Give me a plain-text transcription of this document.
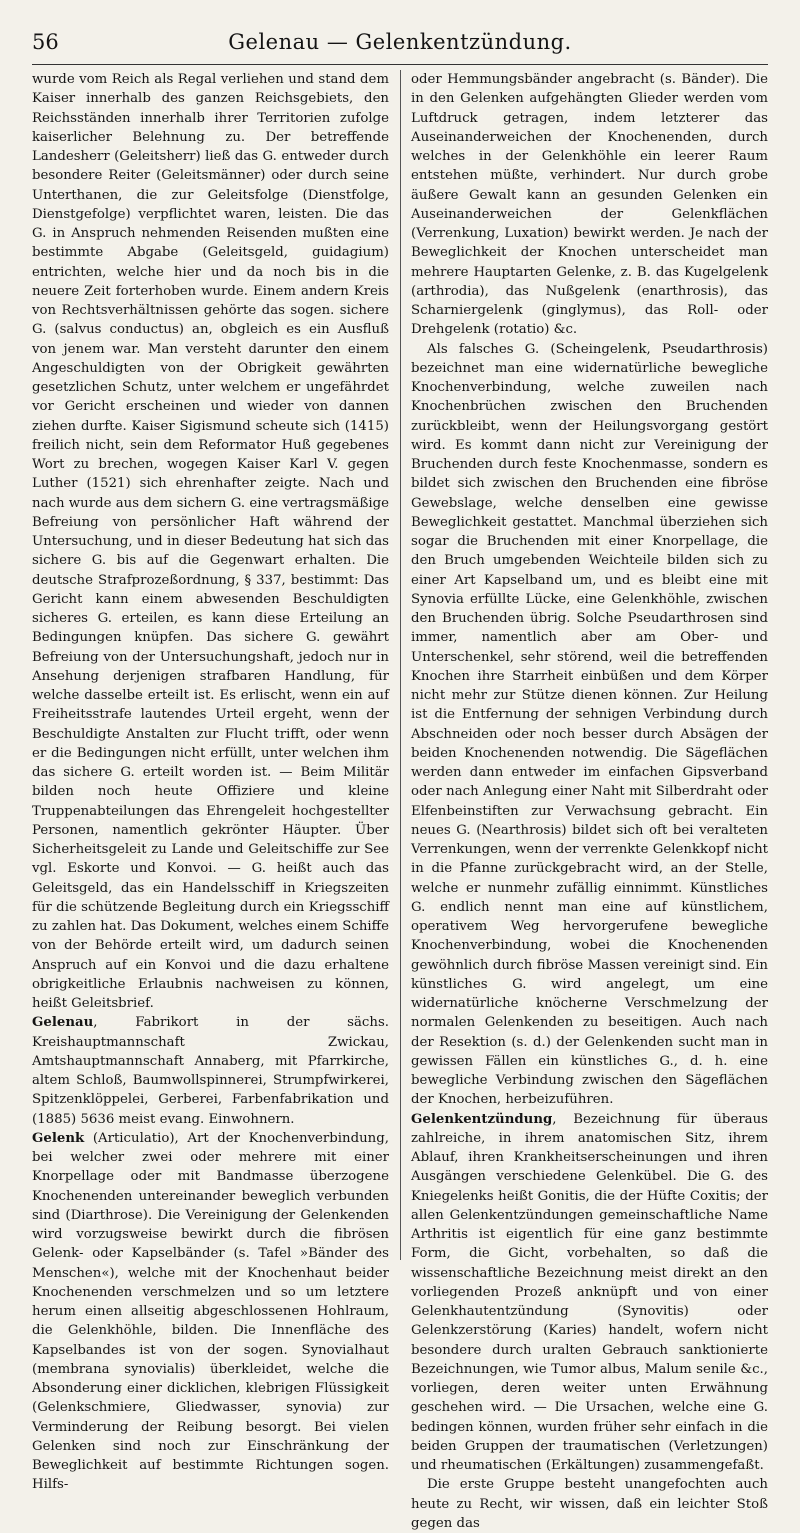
56	Gelenau — Gelenkentzündung.

wurde vom Reich als Regal verliehen und stand dem Kaiser innerhalb des ganzen Reichsgebiets, den Reichsständen innerhalb ihrer Territorien zufolge kaiserlicher Belehnung zu. Der betreffende Landesherr (Geleitsherr) ließ das G. entweder durch besondere Reiter (Geleitsmänner) oder durch seine Unterthanen, die zur Geleitsfolge (Dienstfolge, Dienstgefolge) verpflichtet waren, leisten. Die das G. in Anspruch nehmenden Reisenden mußten eine bestimmte Abgabe (Geleitsgeld, guidagium) entrichten, welche hier und da noch bis in die neuere Zeit forterhoben wurde. Einem andern Kreis von Rechtsverhältnissen gehörte das sogen. sichere G. (salvus conductus) an, obgleich es ein Ausfluß von jenem war. Man versteht darunter den einem Angeschuldigten von der Obrigkeit gewährten gesetzlichen Schutz, unter welchem er ungefährdet vor Gericht erscheinen und wieder von dannen ziehen durfte. Kaiser Sigismund scheute sich (1415) freilich nicht, sein dem Reformator Huß gegebenes Wort zu brechen, wogegen Kaiser Karl V. gegen Luther (1521) sich ehrenhafter zeigte. Nach und nach wurde aus dem sichern G. eine vertragsmäßige Befreiung von persönlicher Haft während der Untersuchung, und in dieser Bedeutung hat sich das sichere G. bis auf die Gegenwart erhalten. Die deutsche Strafprozeßordnung, § 337, bestimmt: Das Gericht kann einem abwesenden Beschuldigten sicheres G. erteilen, es kann diese Erteilung an Bedingungen knüpfen. Das sichere G. gewährt Befreiung von der Untersuchungshaft, jedoch nur in Ansehung derjenigen strafbaren Handlung, für welche dasselbe erteilt ist. Es erlischt, wenn ein auf Freiheitsstrafe lautendes Urteil ergeht, wenn der Beschuldigte Anstalten zur Flucht trifft, oder wenn er die Bedingungen nicht erfüllt, unter welchen ihm das sichere G. erteilt worden ist. — Beim Militär bilden noch heute Offiziere und kleine Truppenabteilungen das Ehrengeleit hochgestellter Personen, namentlich gekrönter Häupter. Über Sicherheitsgeleit zu Lande und Geleitschiffe zur See vgl. Eskorte und Konvoi. — G. heißt auch das Geleitsgeld, das ein Handelsschiff in Kriegszeiten für die schützende Begleitung durch ein Kriegsschiff zu zahlen hat. Das Dokument, welches einem Schiffe von der Behörde erteilt wird, um dadurch seinen Anspruch auf ein Konvoi und die dazu erhaltene obrigkeitliche Erlaubnis nachweisen zu können, heißt Geleitsbrief.

Gelenau, Fabrikort in der sächs. Kreishauptmannschaft Zwickau, Amtshauptmannschaft Annaberg, mit Pfarrkirche, altem Schloß, Baumwollspinnerei, Strumpfwirkerei, Spitzenklöppelei, Gerberei, Farbenfabrikation und (1885) 5636 meist evang. Einwohnern.

Gelenk (Articulatio), Art der Knochenverbindung, bei welcher zwei oder mehrere mit einer Knorpellage oder mit Bandmasse überzogene Knochenenden untereinander beweglich verbunden sind (Diarthrose). Die Vereinigung der Gelenkenden wird vorzugsweise bewirkt durch die fibrösen Gelenk- oder Kapselbänder (s. Tafel »Bänder des Menschen«), welche mit der Knochenhaut beider Knochenenden verschmelzen und so um letztere herum einen allseitig abgeschlossenen Hohlraum, die Gelenkhöhle, bilden. Die Innenfläche des Kapselbandes ist von der sogen. Synovialhaut (membrana synovialis) überkleidet, welche die Absonderung einer dicklichen, klebrigen Flüssigkeit (Gelenkschmiere, Gliedwasser, synovia) zur Verminderung der Reibung besorgt. Bei vielen Gelenken sind noch zur Einschränkung der Beweglichkeit auf bestimmte Richtungen sogen. Hilfs-

oder Hemmungsbänder angebracht (s. Bänder). Die in den Gelenken aufgehängten Glieder werden vom Luftdruck getragen, indem letzterer das Auseinanderweichen der Knochenenden, durch welches in der Gelenkhöhle ein leerer Raum entstehen müßte, verhindert. Nur durch grobe äußere Gewalt kann an gesunden Gelenken ein Auseinanderweichen der Gelenkflächen (Verrenkung, Luxation) bewirkt werden. Je nach der Beweglichkeit der Knochen unterscheidet man mehrere Hauptarten Gelenke, z. B. das Kugelgelenk (arthrodia), das Nußgelenk (enarthrosis), das Scharniergelenk (ginglymus), das Roll- oder Drehgelenk (rotatio) &c.

Als falsches G. (Scheingelenk, Pseudarthrosis) bezeichnet man eine widernatürliche bewegliche Knochenverbindung, welche zuweilen nach Knochenbrüchen zwischen den Bruchenden zurückbleibt, wenn der Heilungsvorgang gestört wird. Es kommt dann nicht zur Vereinigung der Bruchenden durch feste Knochenmasse, sondern es bildet sich zwischen den Bruchenden eine fibröse Gewebslage, welche denselben eine gewisse Beweglichkeit gestattet. Manchmal überziehen sich sogar die Bruchenden mit einer Knorpellage, die den Bruch umgebenden Weichteile bilden sich zu einer Art Kapselband um, und es bleibt eine mit Synovia erfüllte Lücke, eine Gelenkhöhle, zwischen den Bruchenden übrig. Solche Pseudarthrosen sind immer, namentlich aber am Ober- und Unterschenkel, sehr störend, weil die betreffenden Knochen ihre Starrheit einbüßen und dem Körper nicht mehr zur Stütze dienen können. Zur Heilung ist die Entfernung der sehnigen Verbindung durch Abschneiden oder noch besser durch Absägen der beiden Knochenenden notwendig. Die Sägeflächen werden dann entweder im einfachen Gipsverband oder nach Anlegung einer Naht mit Silberdraht oder Elfenbeinstiften zur Verwachsung gebracht. Ein neues G. (Nearthrosis) bildet sich oft bei veralteten Verrenkungen, wenn der verrenkte Gelenkkopf nicht in die Pfanne zurückgebracht wird, an der Stelle, welche er nunmehr zufällig einnimmt. Künstliches G. endlich nennt man eine auf künstlichem, operativem Weg hervorgerufene bewegliche Knochenverbindung, wobei die Knochenenden gewöhnlich durch fibröse Massen vereinigt sind. Ein künstliches G. wird angelegt, um eine widernatürliche knöcherne Verschmelzung der normalen Gelenkenden zu beseitigen. Auch nach der Resektion (s. d.) der Gelenkenden sucht man in gewissen Fällen ein künstliches G., d. h. eine bewegliche Verbindung zwischen den Sägeflächen der Knochen, herbeizuführen.

Gelenkentzündung, Bezeichnung für überaus zahlreiche, in ihrem anatomischen Sitz, ihrem Ablauf, ihren Krankheitserscheinungen und ihren Ausgängen verschiedene Gelenkübel. Die G. des Kniegelenks heißt Gonitis, die der Hüfte Coxitis; der allen Gelenkentzündungen gemeinschaftliche Name Arthritis ist eigentlich für eine ganz bestimmte Form, die Gicht, vorbehalten, so daß die wissenschaftliche Bezeichnung meist direkt an den vorliegenden Prozeß anknüpft und von einer Gelenkhautentzündung (Synovitis) oder Gelenkzerstörung (Karies) handelt, wofern nicht besondere durch uralten Gebrauch sanktionierte Bezeichnungen, wie Tumor albus, Malum senile &c., vorliegen, deren weiter unten Erwähnung geschehen wird. — Die Ursachen, welche eine G. bedingen können, wurden früher sehr einfach in die beiden Gruppen der traumatischen (Verletzungen) und rheumatischen (Erkältungen) zusammengefaßt.

Die erste Gruppe besteht unangefochten auch heute zu Recht, wir wissen, daß ein leichter Stoß gegen das
